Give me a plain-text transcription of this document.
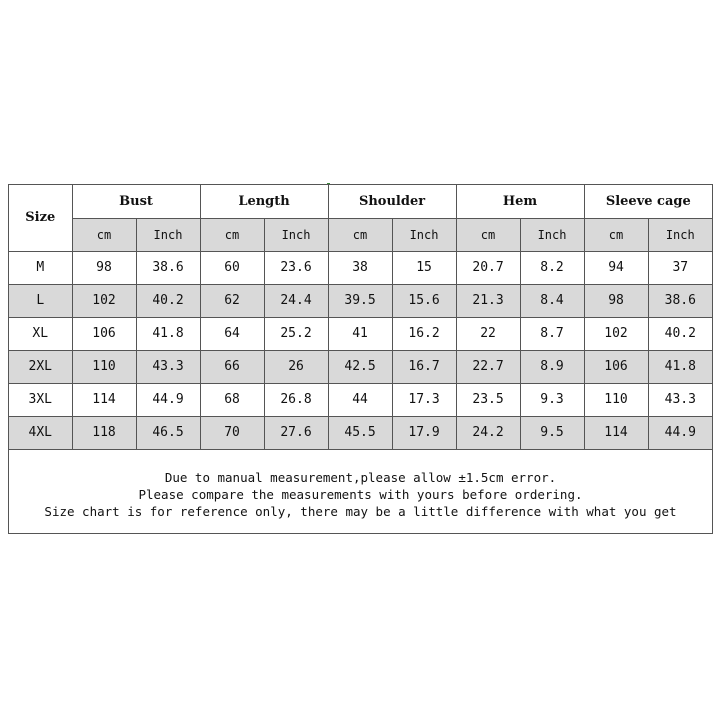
Size	Bust		Length		Shoulder		Hem		Sleeve cage	
	cm	Inch	cm	Inch	cm	Inch	cm	Inch	cm	Inch
M	98	38.6	60	23.6	38	15	20.7	8.2	94	37
L	102	40.2	62	24.4	39.5	15.6	21.3	8.4	98	38.6
XL	106	41.8	64	25.2	41	16.2	22	8.7	102	40.2
2XL	110	43.3	66	26	42.5	16.7	22.7	8.9	106	41.8
3XL	114	44.9	68	26.8	44	17.3	23.5	9.3	110	43.3
4XL	118	46.5	70	27.6	45.5	17.9	24.2	9.5	114	44.9
Due to manual measurement,please allow ±1.5cm error.
Please compare the measurements with yours before ordering.
Size chart is for reference only, there may be a little difference with what you get
